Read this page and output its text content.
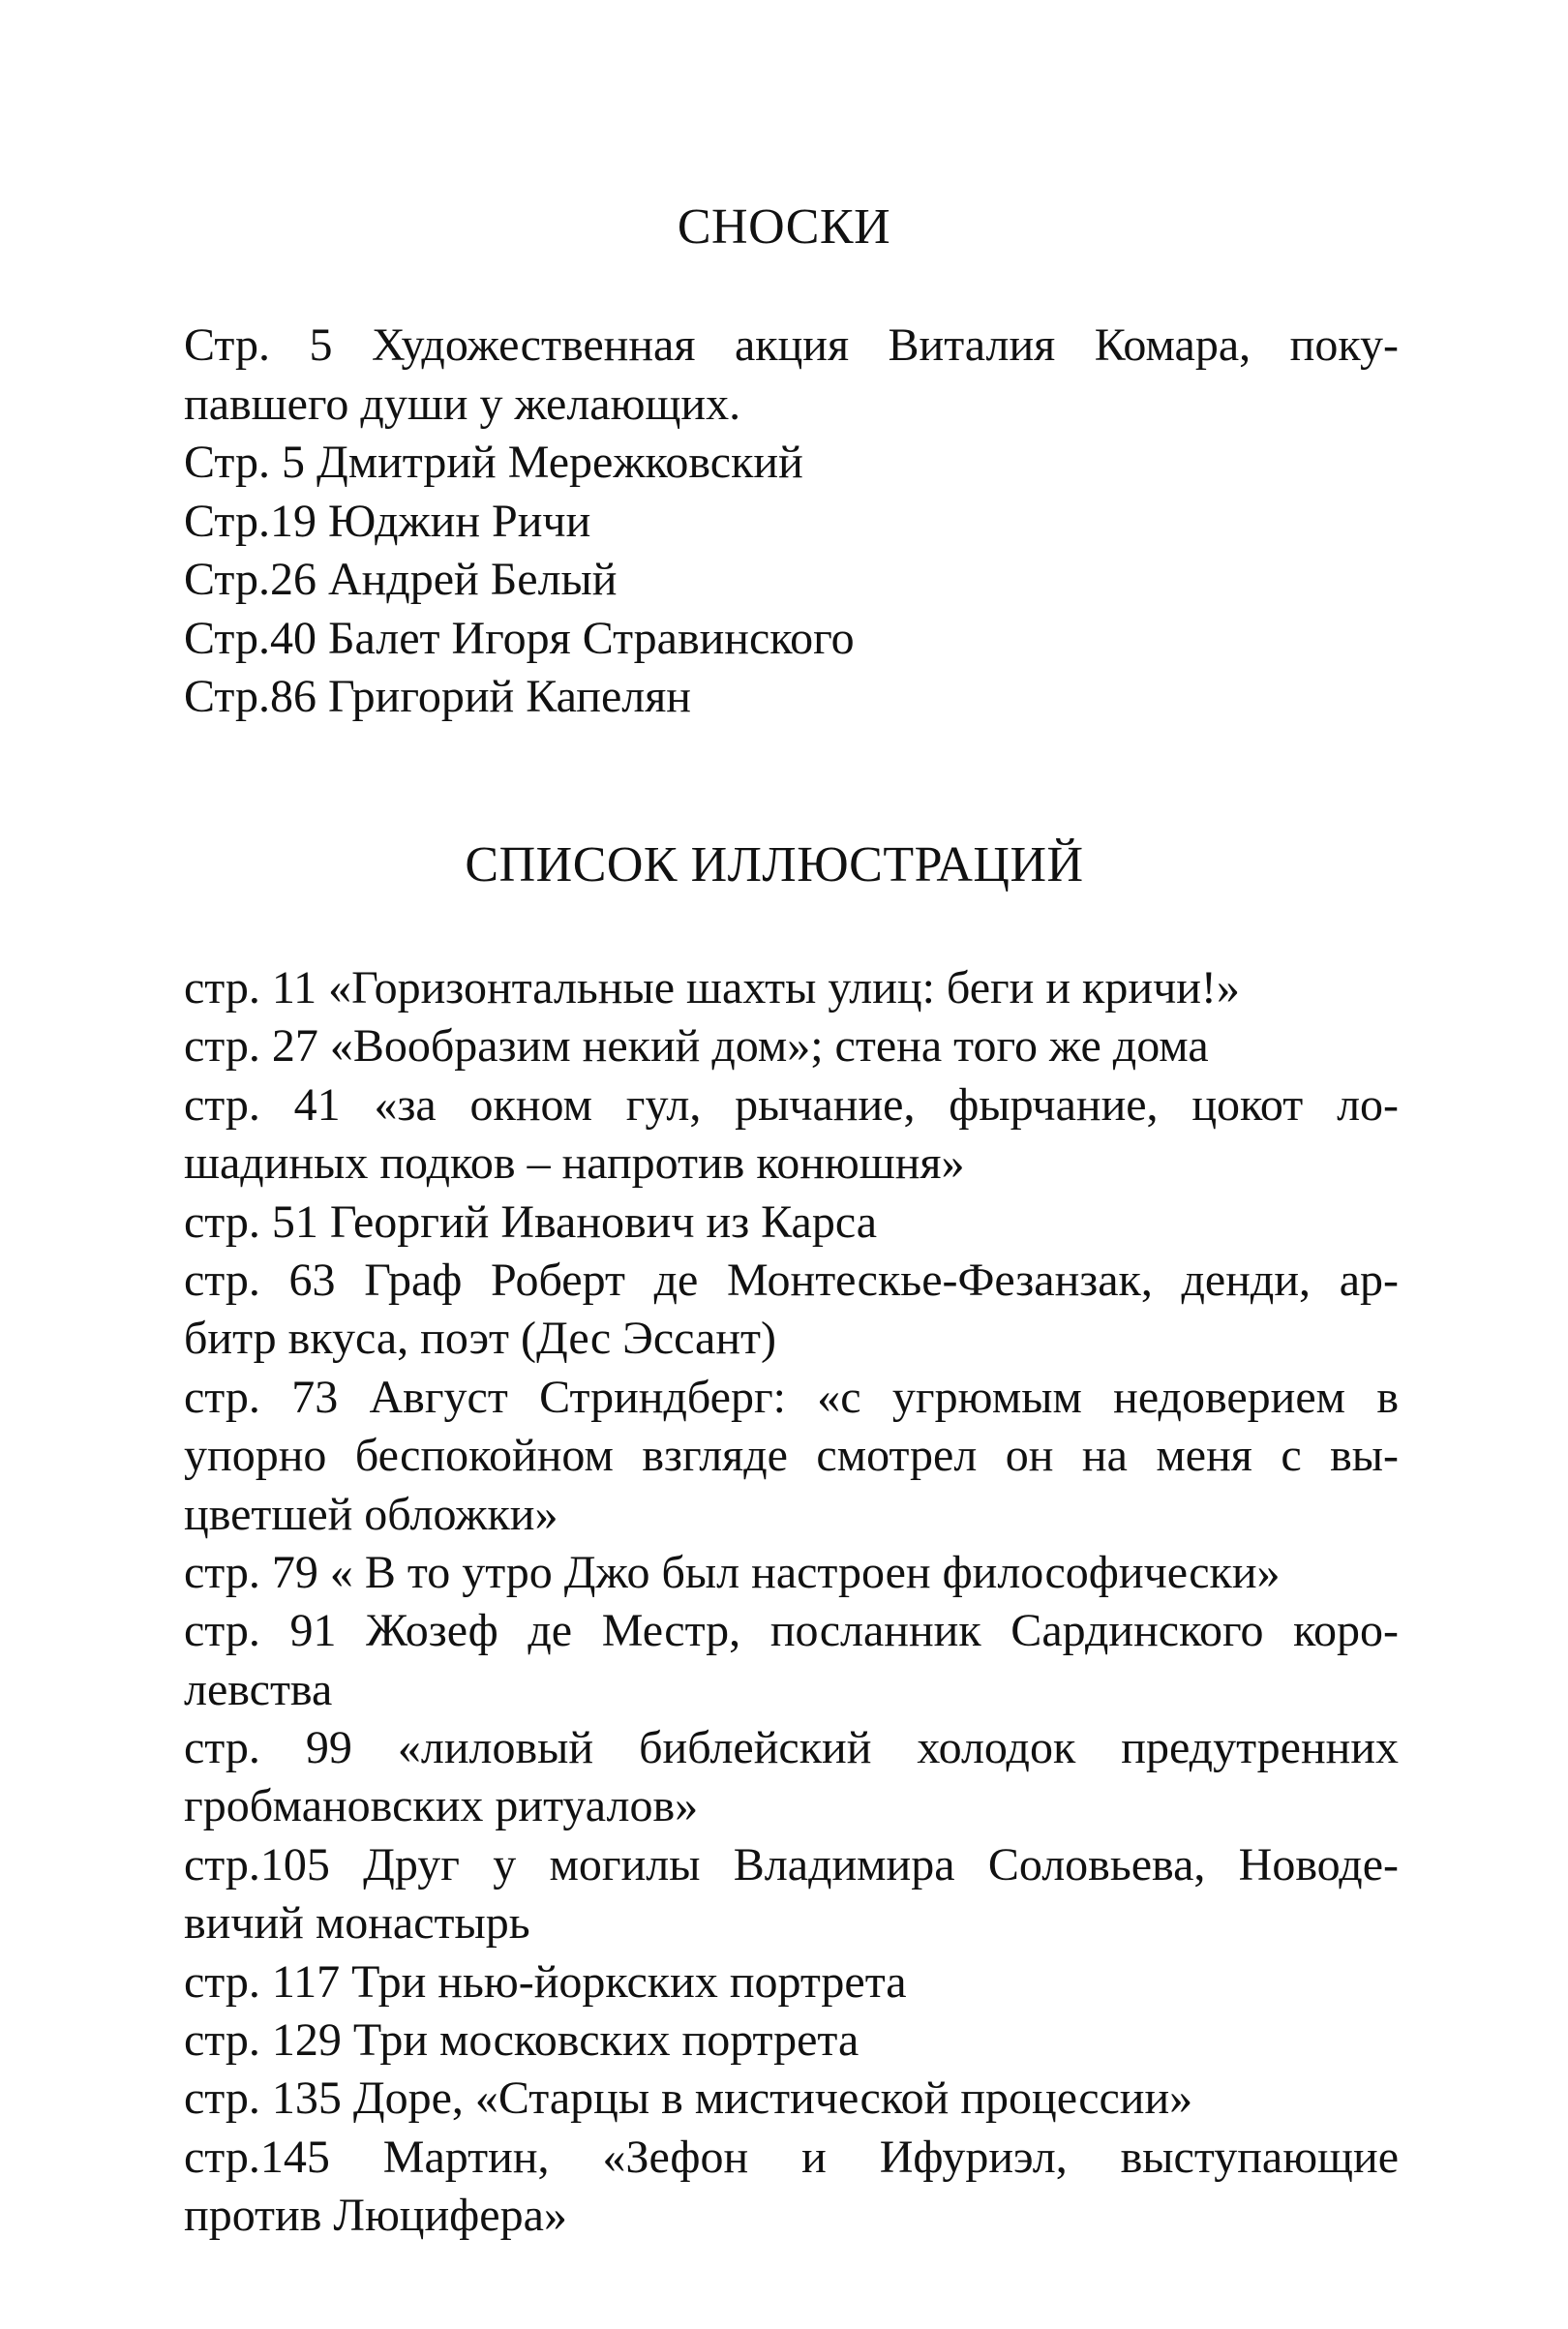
СНОСКИ
Стр. 5 Художественная акция Виталия Комара, поку-
павшего души у желающих.
Стр. 5 Дмитрий Мережковский
Стр.19 Юджин Ричи
Стр.26 Андрей Белый
Стр.40 Балет Игоря Стравинского
Стр.86 Григорий Капелян
СПИСОК ИЛЛЮСТРАЦИЙ
стр. 11 «Горизонтальные шахты улиц: беги и кричи!»
стр. 27 «Вообразим некий дом»; стена того же дома
стр. 41 «за окном гул, рычание, фырчание, цокот ло-
шадиных подков – напротив конюшня»
стр. 51 Георгий Иванович из Карса
стр. 63 Граф Роберт де Монтескье-Фезанзак, денди, ар-
битр вкуса, поэт (Дес Эссант)
стр. 73 Август Стриндберг: «с угрюмым недоверием в
упорно беспокойном взгляде смотрел он на меня с вы-
цветшей обложки»
стр. 79 « В то утро Джо был настроен философически»
стр. 91 Жозеф де Местр, посланник Сардинского коро-
левства
стр. 99 «лиловый библейский холодок предутренних
гробмановских ритуалов»
стр.105 Друг у могилы Владимира Соловьева, Новоде-
вичий монастырь
стр. 117 Три нью-йоркских портрета
стр. 129 Три московских портрета
стр. 135 Доре, «Старцы в мистической процессии»
стр.145 Мартин, «Зефон и Ифуриэл, выступающие
против Люцифера»
